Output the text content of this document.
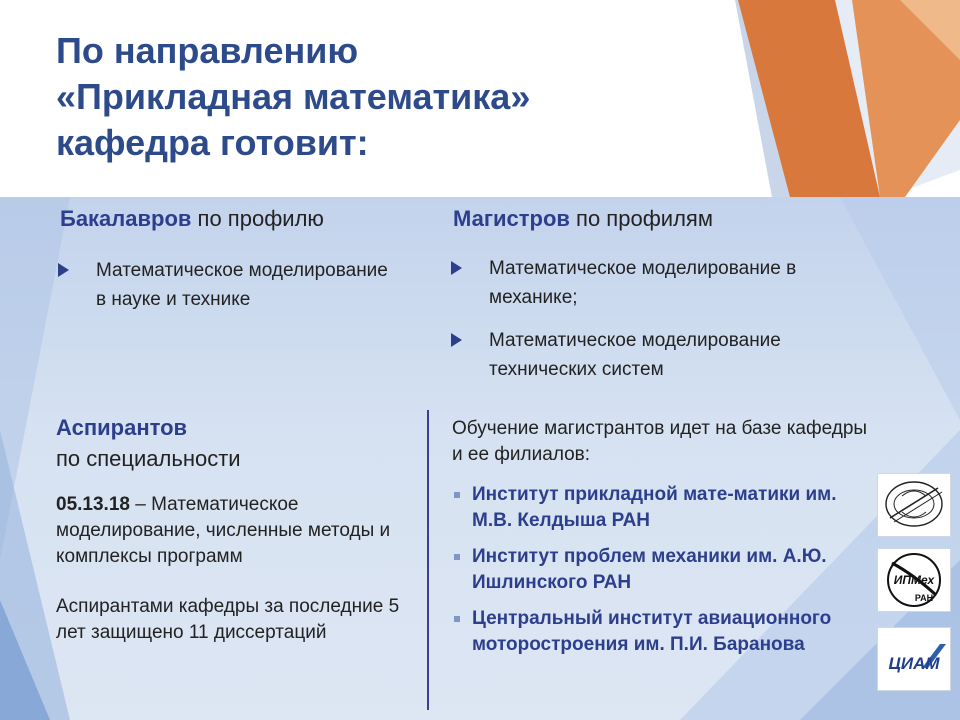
По направлению
«Прикладная математика»
кафедра готовит:
Бакалавров по профилю
Математическое моделирование в науке и технике
Магистров по профилям
Математическое моделирование в механике;
Математическое моделирование технических систем
Аспирантов
по специальности
05.13.18 – Математическое моделирование, численные методы и комплексы программ
Аспирантами кафедры за последние 5 лет защищено 11 диссертаций
Обучение магистрантов идет на базе кафедры и ее филиалов:
Институт прикладной мате-матики им. М.В. Келдыша РАН
Институт проблем механики им. А.Ю. Ишлинского РАН
Центральный институт авиационного моторостроения им. П.И. Баранова
ИПМех
РАН
ЦИАМ
